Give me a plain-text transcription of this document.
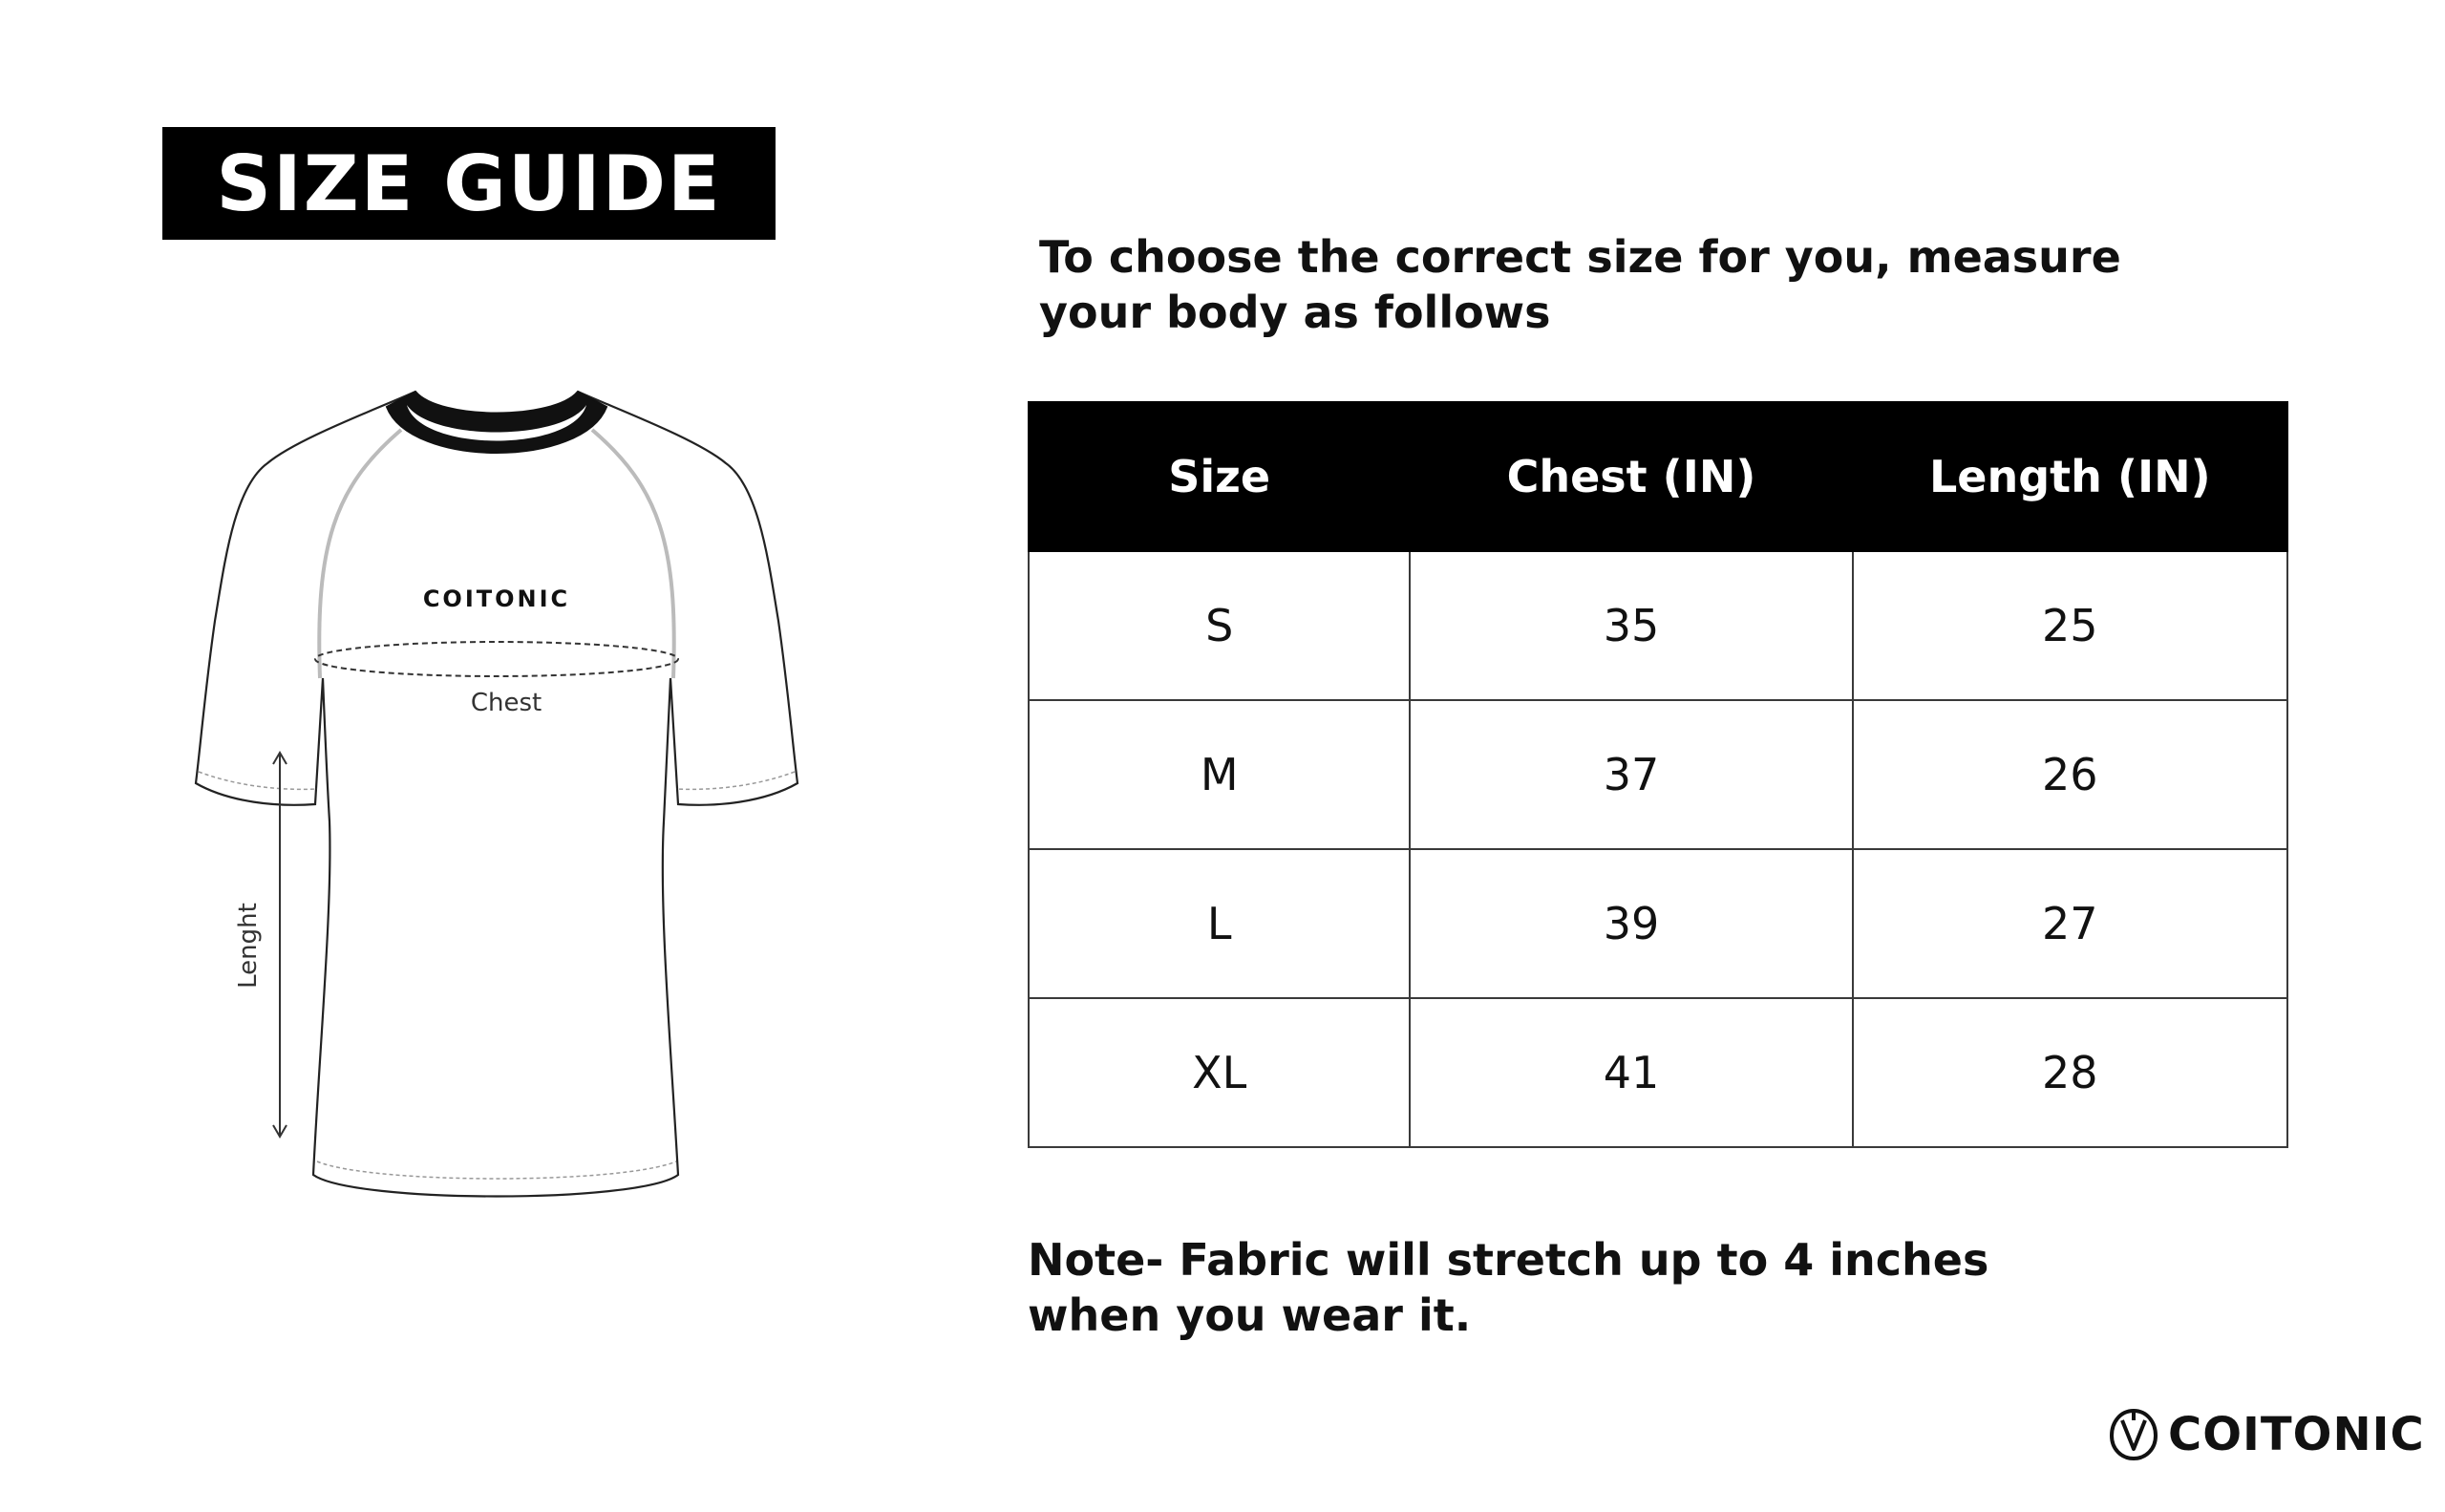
SIZE GUIDE
To choose the correct size for you, measure your body as follows
COITONIC
Chest
Lenght
Size	Chest (IN)	Length (IN)
S	35	25
M	37	26
L	39	27
XL	41	28
Note- Fabric will stretch up to 4 inches when you wear it.
COITONIC
